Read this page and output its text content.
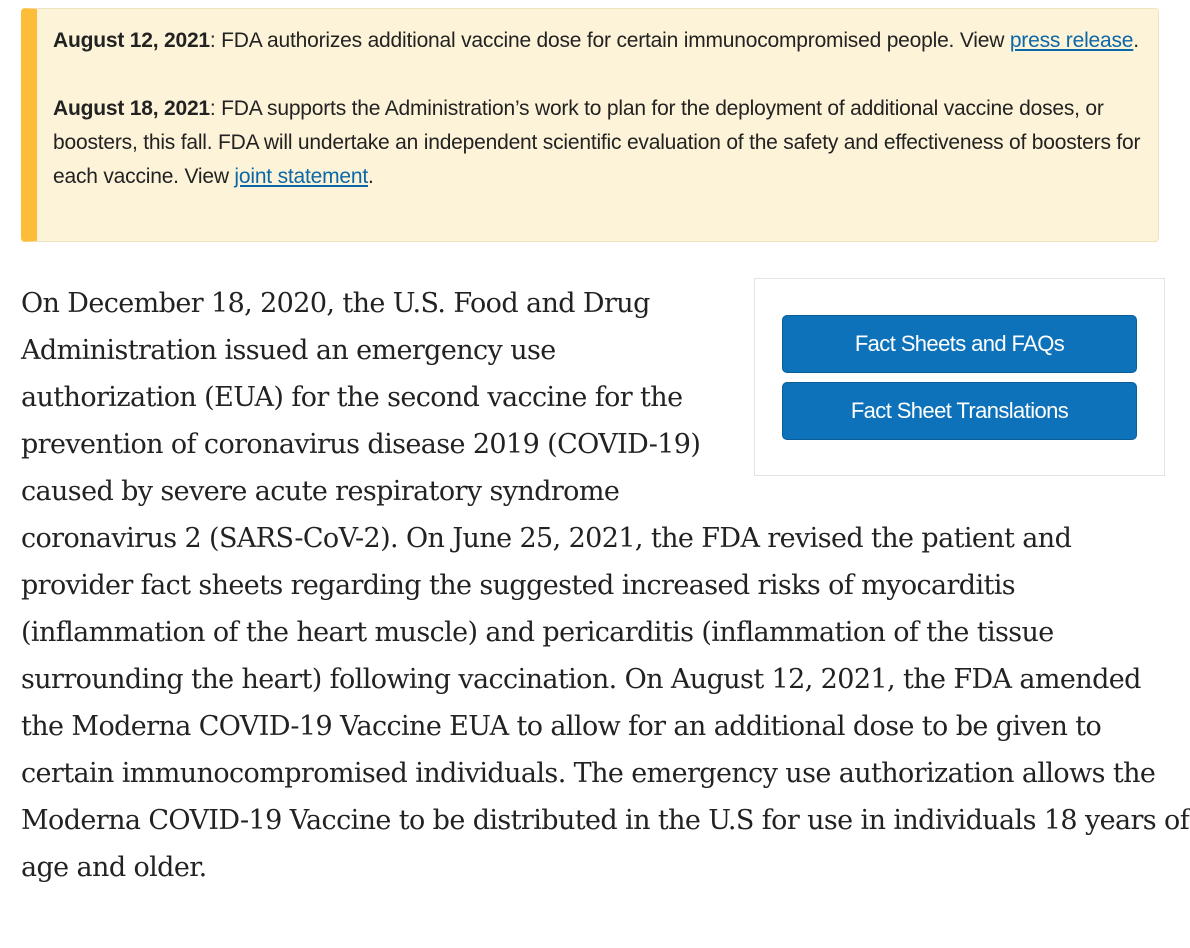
August 12, 2021: FDA authorizes additional vaccine dose for certain immunocompromised people. View press release.

August 18, 2021: FDA supports the Administration’s work to plan for the deployment of additional vaccine doses, or boosters, this fall. FDA will undertake an independent scientific evaluation of the safety and effectiveness of boosters for each vaccine. View joint statement.

Fact Sheets and FAQs
Fact Sheet Translations

On December 18, 2020, the U.S. Food and Drug Administration issued an emergency use authorization (EUA) for the second vaccine for the prevention of coronavirus disease 2019 (COVID-19) caused by severe acute respiratory syndrome coronavirus 2 (SARS-CoV-2). On June 25, 2021, the FDA revised the patient and provider fact sheets regarding the suggested increased risks of myocarditis (inflammation of the heart muscle) and pericarditis (inflammation of the tissue surrounding the heart) following vaccination. On August 12, 2021, the FDA amended the Moderna COVID-19 Vaccine EUA to allow for an additional dose to be given to certain immunocompromised individuals. The emergency use authorization allows the Moderna COVID-19 Vaccine to be distributed in the U.S for use in individuals 18 years of age and older.
